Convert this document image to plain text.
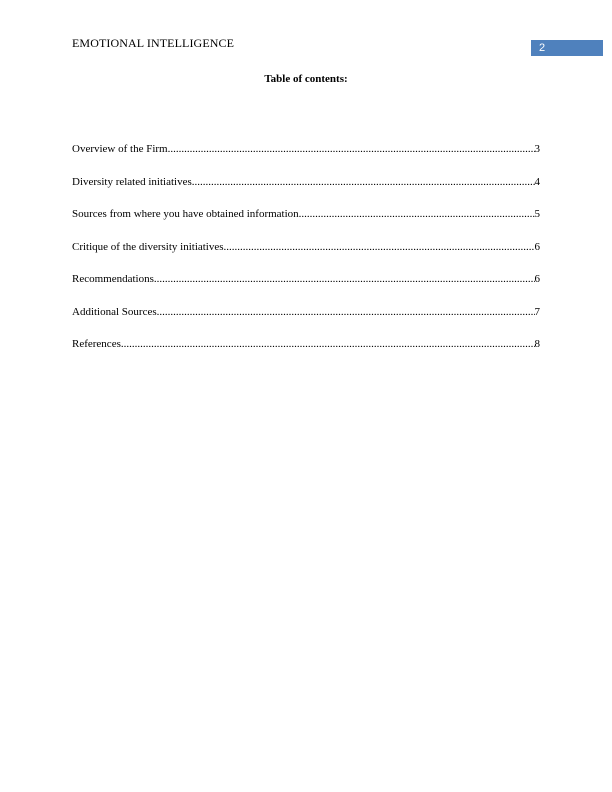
EMOTIONAL INTELLIGENCE	2
Table of contents:
Overview of the Firm .....	3
Diversity related initiatives .....	4
Sources from where you have obtained information .....	5
Critique of the diversity initiatives .....	6
Recommendations .....	6
Additional Sources .....	7
References .....	8
